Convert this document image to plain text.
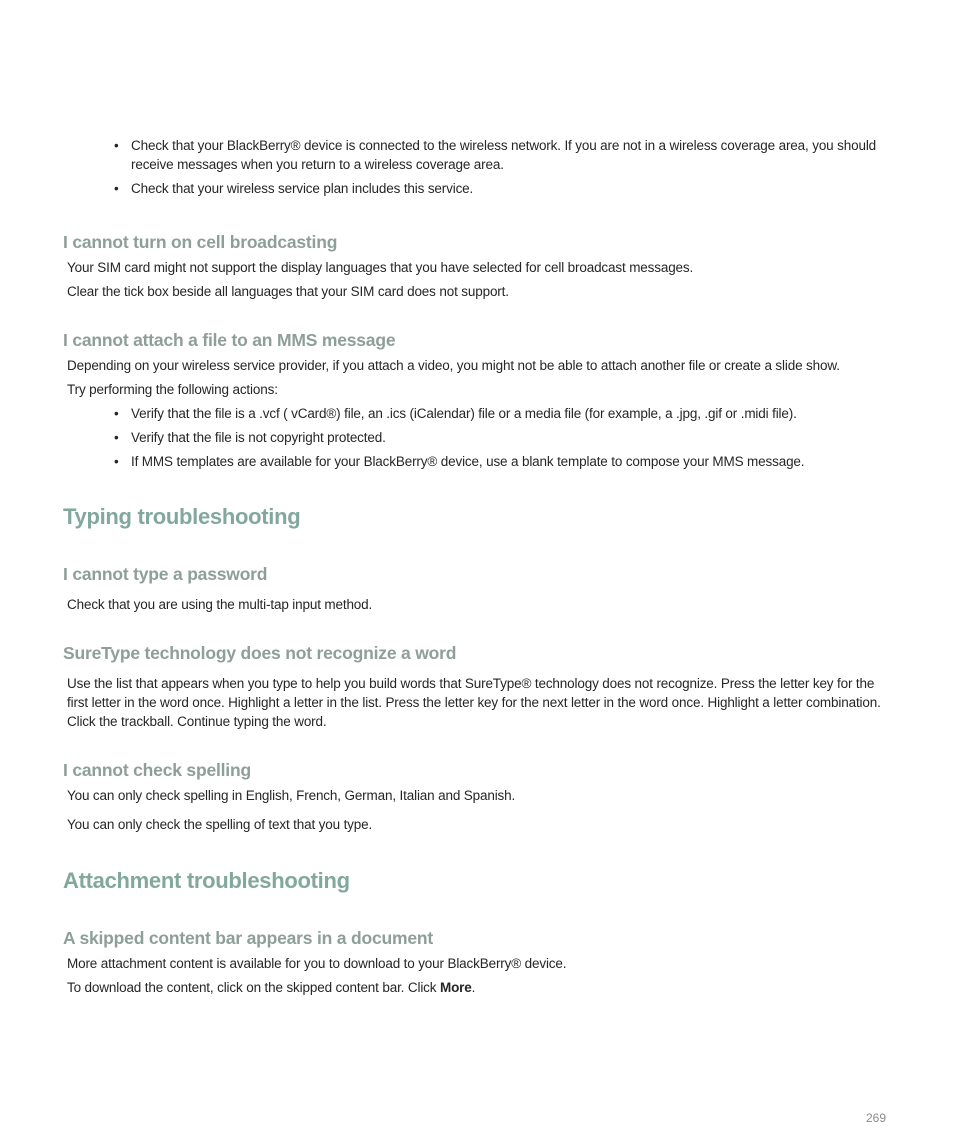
• Check that your BlackBerry® device is connected to the wireless network. If you are not in a wireless coverage area, you should receive messages when you return to a wireless coverage area.
• Check that your wireless service plan includes this service.
I cannot turn on cell broadcasting
Your SIM card might not support the display languages that you have selected for cell broadcast messages.
Clear the tick box beside all languages that your SIM card does not support.
I cannot attach a file to an MMS message
Depending on your wireless service provider, if you attach a video, you might not be able to attach another file or create a slide show.
Try performing the following actions:
• Verify that the file is a .vcf ( vCard®) file, an .ics (iCalendar) file or a media file (for example, a .jpg, .gif or .midi file).
• Verify that the file is not copyright protected.
• If MMS templates are available for your BlackBerry® device, use a blank template to compose your MMS message.
Typing troubleshooting
I cannot type a password
Check that you are using the multi-tap input method.
SureType technology does not recognize a word
Use the list that appears when you type to help you build words that SureType® technology does not recognize. Press the letter key for the first letter in the word once. Highlight a letter in the list. Press the letter key for the next letter in the word once. Highlight a letter combination. Click the trackball. Continue typing the word.
I cannot check spelling
You can only check spelling in English, French, German, Italian and Spanish.
You can only check the spelling of text that you type.
Attachment troubleshooting
A skipped content bar appears in a document
More attachment content is available for you to download to your BlackBerry® device.
To download the content, click on the skipped content bar. Click More.
269
